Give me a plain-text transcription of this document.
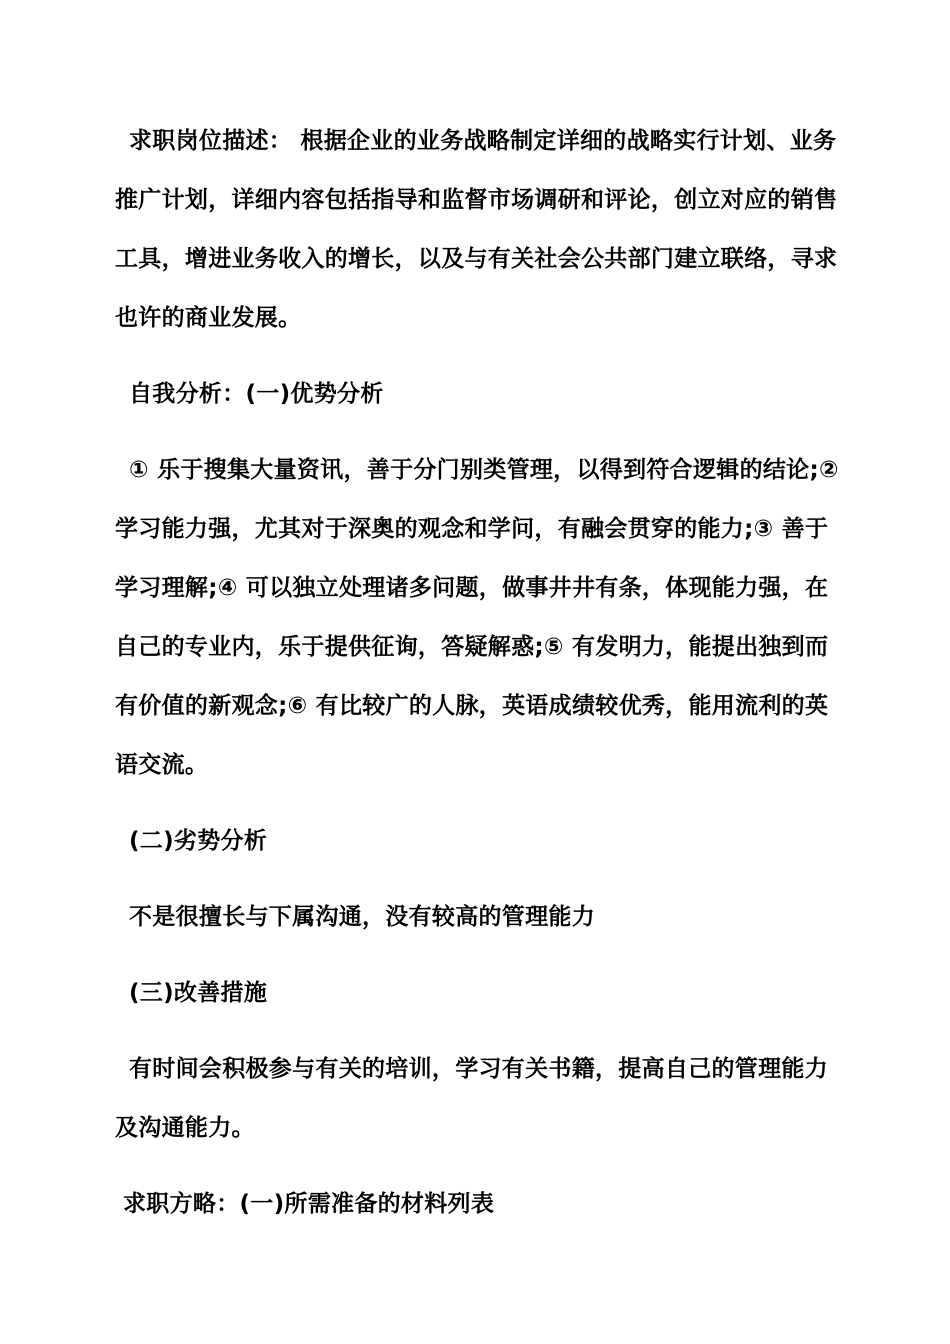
求职岗位描述： 根据企业的业务战略制定详细的战略实行计划、业务推广计划，详细内容包括指导和监督市场调研和评论，创立对应的销售工具，增进业务收入的增长，以及与有关社会公共部门建立联络，寻求也许的商业发展。

自我分析：(一)优势分析

① 乐于搜集大量资讯，善于分门别类管理，以得到符合逻辑的结论;② 学习能力强，尤其对于深奥的观念和学问，有融会贯穿的能力;③ 善于学习理解;④ 可以独立处理诸多问题，做事井井有条，体现能力强，在自己的专业内，乐于提供征询，答疑解惑;⑤ 有发明力，能提出独到而有价值的新观念;⑥ 有比较广的人脉，英语成绩较优秀，能用流利的英语交流。

(二)劣势分析

不是很擅长与下属沟通，没有较高的管理能力

(三)改善措施

有时间会积极参与有关的培训，学习有关书籍，提高自己的管理能力及沟通能力。

求职方略：(一)所需准备的材料列表
